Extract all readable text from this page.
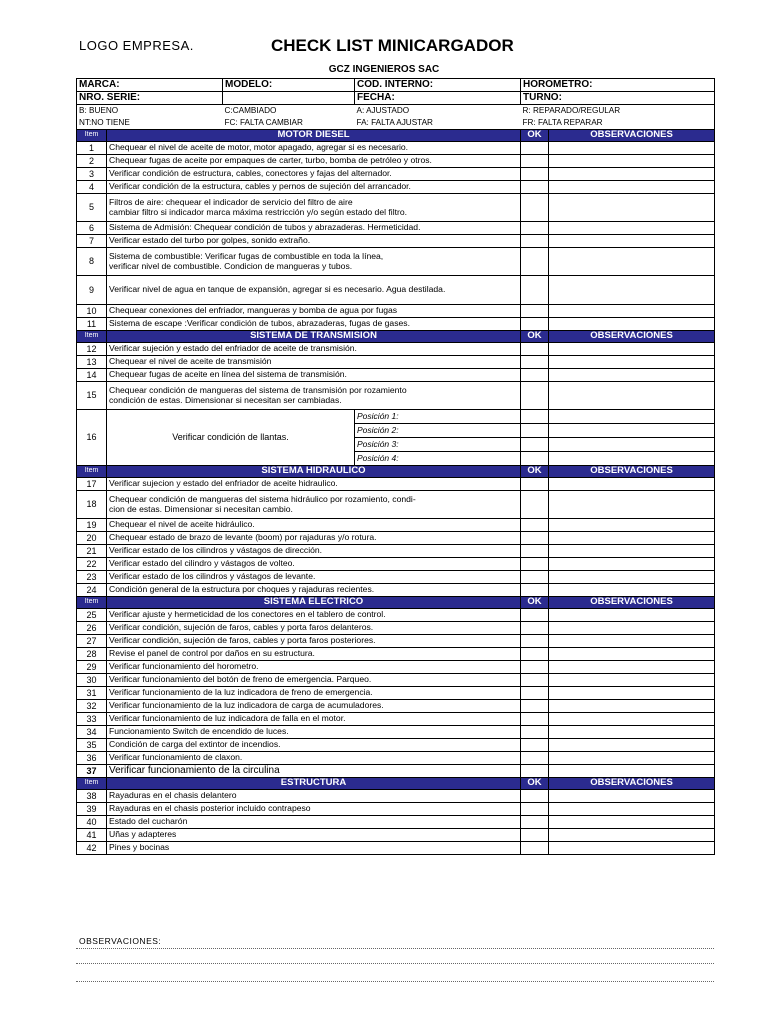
LOGO EMPRESA.	CHECK LIST MINICARGADOR
GCZ INGENIEROS SAC
MARCA:		MODELO:	COD. INTERNO:	HOROMETRO:	
NRO. SERIE:			FECHA:	TURNO:	
B: BUENO		C:CAMBIADO	A: AJUSTADO	R: REPARADO/REGULAR	
NT:NO TIENE		FC: FALTA CAMBIAR	FA: FALTA AJUSTAR	FR: FALTA REPARAR	
Item	MOTOR DIESEL			OK	OBSERVACIONES
1	Chequear el nivel de aceite de motor, motor apagado, agregar si es necesario.				

2	Chequear fugas de aceite por empaques de carter, turbo, bomba de petróleo y otros.				

3	Verificar condición de estructura, cables, conectores y fajas del alternador.				

4	Verificar condición de la estructura, cables y pernos de sujeción del arrancador.				

5	Filtros de aire: chequear el indicador de servicio del filtro de aire
cambiar filtro si indicador marca máxima restricción y/o según estado del filtro.				

6	Sistema de Admisión: Chequear condición de tubos y abrazaderas. Hermeticidad.				

7	Verificar estado del turbo por golpes, sonido extraño.				

8	Sistema de combustible: Verificar fugas de combustible en toda la línea,
verificar nivel de combustible. Condicion de mangueras y tubos.				

9	Verificar nivel de agua en tanque de expansión, agregar si es necesario. Agua destilada.				

10	Chequear conexiones del enfriador, mangueras y bomba de agua por fugas				

11	Sistema de escape :Verificar condición de tubos, abrazaderas, fugas de gases.				

Item	SISTEMA DE TRANSMISION			OK	OBSERVACIONES
12	Verificar sujeción y estado del enfriador de aceite de transmisión.				

13	Chequear el nivel de aceite de transmisión				

14	Chequear fugas de aceite en línea del sistema de transmisión.				

15	Chequear condición de mangueras del sistema de transmisión por rozamiento
condición de estas. Dimensionar si necesitan ser cambiadas.				

16	Verificar condición de llantas.		Posición 1:		
			Posición 2:		
			Posición 3:		
			Posición 4:		
Item	SISTEMA HIDRAULICO			OK	OBSERVACIONES
17	Verificar sujecion y estado del enfriador de aceite hidraulico.				

18	Chequear condición de mangueras del sistema hidráulico por rozamiento, condi-
cion de estas. Dimensionar si necesitan cambio.				

19	Chequear el nivel de aceite hidráulico.				

20	Chequear estado de brazo de levante (boom) por rajaduras y/o rotura.				

21	Verificar estado de los cilindros y vástagos de dirección.				

22	Verificar estado del cilindro y vástagos de volteo.				

23	Verificar estado de los cilindros y vástagos de levante.				

24	Condición general de la estructura por choques y rajaduras recientes.				

Item	SISTEMA ELECTRICO			OK	OBSERVACIONES
25	Verificar ajuste y hermeticidad de los conectores en el tablero de control.				

26	Verificar condición, sujeción de faros, cables y porta faros delanteros.				

27	Verificar condición, sujeción de faros, cables y porta faros posteriores.				

28	Revise el panel de control por daños en su estructura.				

29	Verificar funcionamiento del horometro.				

30	Verificar funcionamiento del botón de freno de emergencia. Parqueo.				

31	Verificar funcionamiento de la luz indicadora de freno de emergencia.				

32	Verificar funcionamiento de la luz indicadora de carga de acumuladores.				

33	Verificar funcionamiento de luz indicadora de falla en el motor.				

34	Funcionamiento Switch de encendido de luces.				

35	Condición de carga del extintor de incendios.				

36	Verificar funcionamiento de claxon.				

37	Verificar funcionamiento de la circulina				

Item	ESTRUCTURA			OK	OBSERVACIONES
38	Rayaduras en el chasis delantero				

39	Rayaduras en el chasis posterior incluido contrapeso				

40	Estado del cucharón				

41	Uñas y adapteres				

42	Pines y bocinas				

OBSERVACIONES:
